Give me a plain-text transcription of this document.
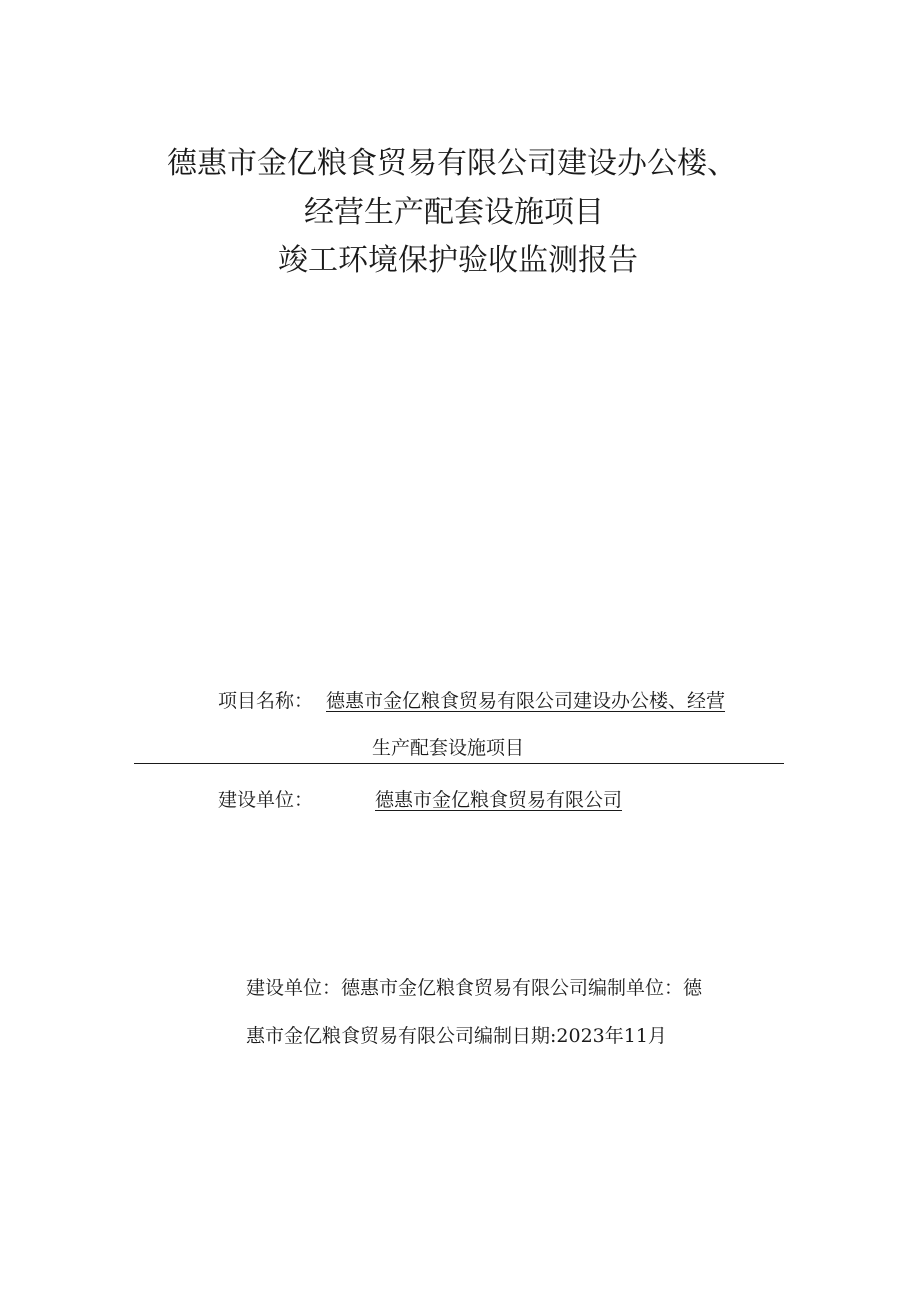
德惠市金亿粮食贸易有限公司建设办公楼、
经营生产配套设施项目
竣工环境保护验收监测报告
项目名称： 德惠市金亿粮食贸易有限公司建设办公楼、经营
生产配套设施项目
建设单位：	德惠市金亿粮食贸易有限公司
建设单位：德惠市金亿粮食贸易有限公司编制单位：德
惠市金亿粮食贸易有限公司编制日期:2023年11月
